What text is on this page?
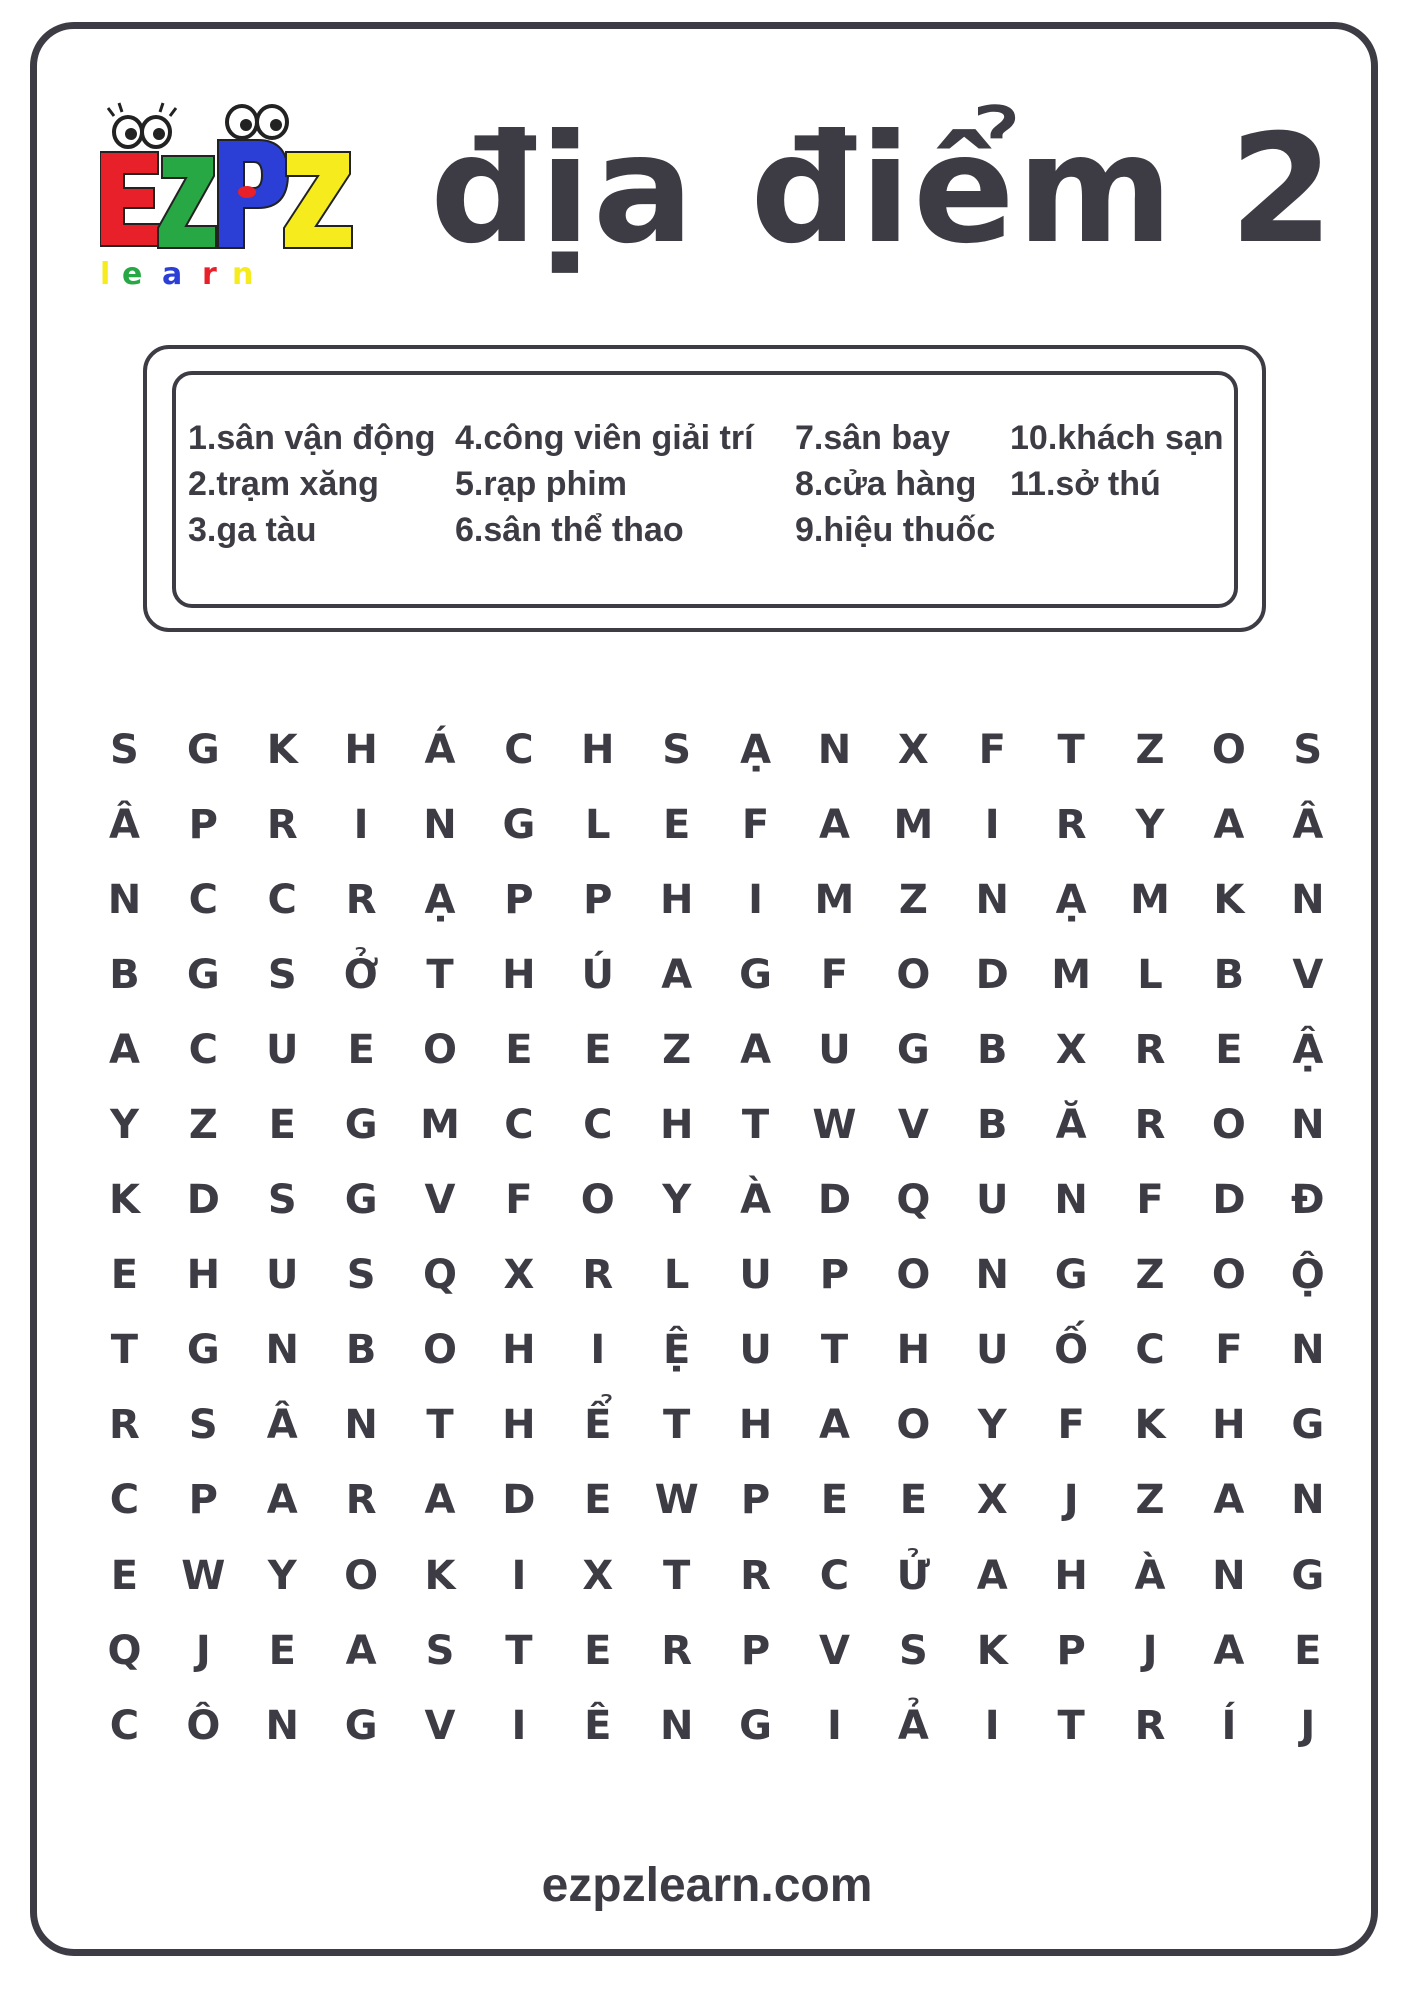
l e a r n địa điểm 2
1.sân vận động
2.trạm xăng
3.ga tàu
4.công viên giải trí
5.rạp phim
6.sân thể thao
7.sân bay
8.cửa hàng
9.hiệu thuốc
10.khách sạn
11.sở thú
S	G	K	H	Á	C	H	S	Ạ	N	X	F	T	Z	O	S
Â	P	R	I	N	G	L	E	F	A	M	I	R	Y	A	Â
N	C	C	R	Ạ	P	P	H	I	M	Z	N	Ạ	M	K	N
B	G	S	Ở	T	H	Ú	A	G	F	O	D	M	L	B	V
A	C	U	E	O	E	E	Z	A	U	G	B	X	R	E	Ậ
Y	Z	E	G	M	C	C	H	T	W	V	B	Ă	R	O	N
K	D	S	G	V	F	O	Y	À	D	Q	U	N	F	D	Đ
E	H	U	S	Q	X	R	L	U	P	O	N	G	Z	O	Ộ
T	G	N	B	O	H	I	Ệ	U	T	H	U	Ố	C	F	N
R	S	Â	N	T	H	Ể	T	H	A	O	Y	F	K	H	G
C	P	A	R	A	D	E	W	P	E	E	X	J	Z	A	N
E	W	Y	O	K	I	X	T	R	C	Ử	A	H	À	N	G
Q	J	E	A	S	T	E	R	P	V	S	K	P	J	A	E
C	Ô	N	G	V	I	Ê	N	G	I	Ả	I	T	R	Í	J
ezpzlearn.com
